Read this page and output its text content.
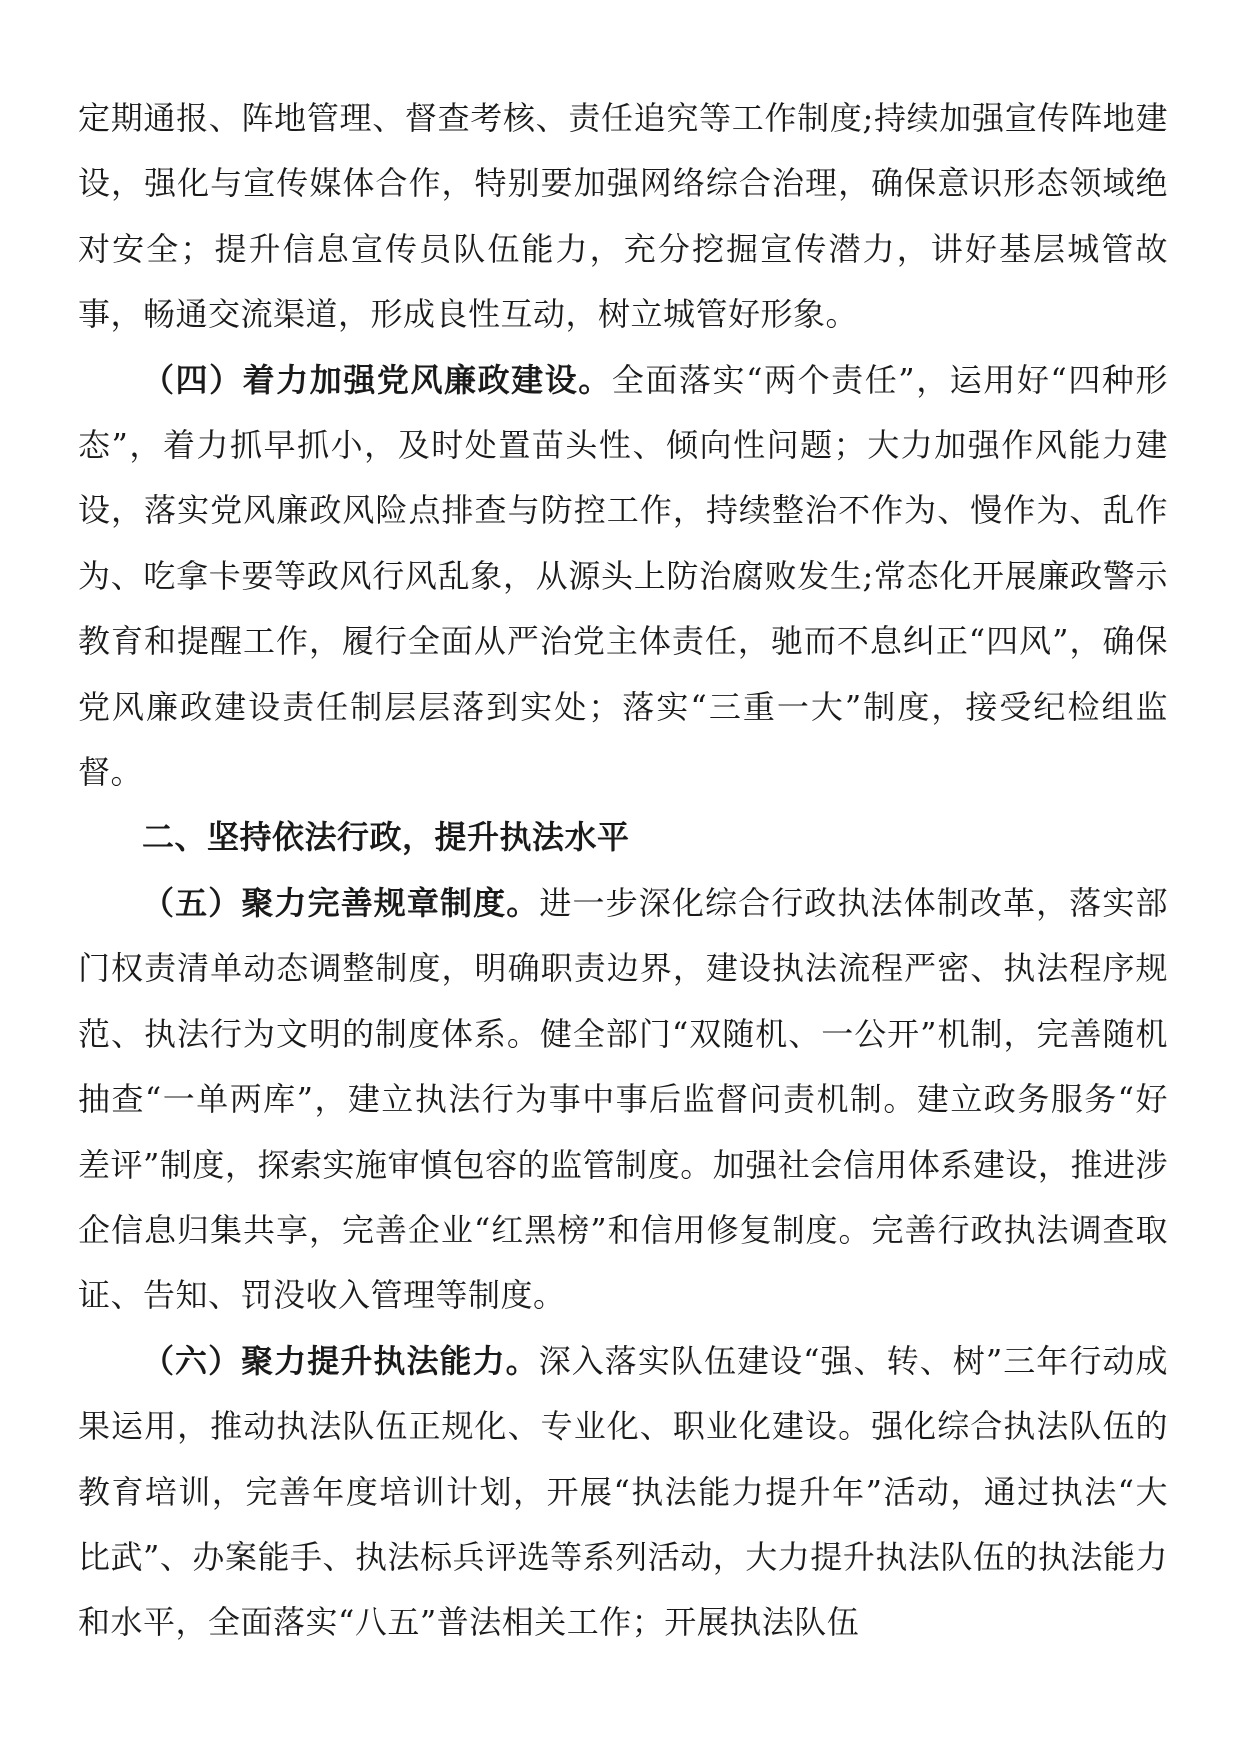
定期通报、阵地管理、督查考核、责任追究等工作制度;持续加强宣传阵地建设，强化与宣传媒体合作，特别要加强网络综合治理，确保意识形态领域绝对安全；提升信息宣传员队伍能力，充分挖掘宣传潜力，讲好基层城管故事，畅通交流渠道，形成良性互动，树立城管好形象。

（四）着力加强党风廉政建设。全面落实“两个责任”，运用好“四种形态”，着力抓早抓小，及时处置苗头性、倾向性问题；大力加强作风能力建设，落实党风廉政风险点排查与防控工作，持续整治不作为、慢作为、乱作为、吃拿卡要等政风行风乱象，从源头上防治腐败发生;常态化开展廉政警示教育和提醒工作，履行全面从严治党主体责任，驰而不息纠正“四风”，确保党风廉政建设责任制层层落到实处；落实“三重一大”制度，接受纪检组监督。

二、坚持依法行政，提升执法水平

（五）聚力完善规章制度。进一步深化综合行政执法体制改革，落实部门权责清单动态调整制度，明确职责边界，建设执法流程严密、执法程序规范、执法行为文明的制度体系。健全部门“双随机、一公开”机制，完善随机抽查“一单两库”，建立执法行为事中事后监督问责机制。建立政务服务“好差评”制度，探索实施审慎包容的监管制度。加强社会信用体系建设，推进涉企信息归集共享，完善企业“红黑榜”和信用修复制度。完善行政执法调查取证、告知、罚没收入管理等制度。

（六）聚力提升执法能力。深入落实队伍建设“强、转、树”三年行动成果运用，推动执法队伍正规化、专业化、职业化建设。强化综合执法队伍的教育培训，完善年度培训计划，开展“执法能力提升年”活动，通过执法“大比武”、办案能手、执法标兵评选等系列活动，大力提升执法队伍的执法能力和水平，全面落实“八五”普法相关工作；开展执法队伍
